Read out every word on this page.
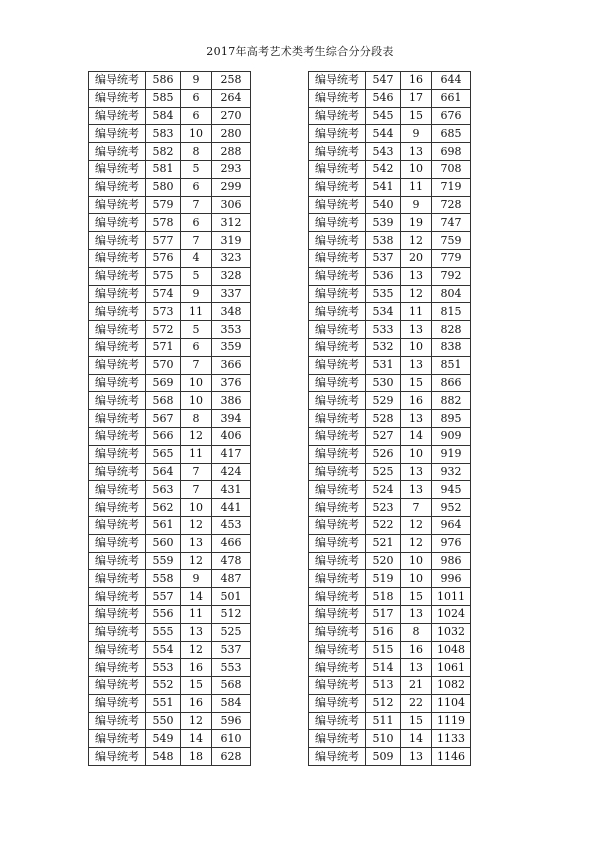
2017年高考艺术类考生综合分分段表
编导统考	586	9	258
编导统考	585	6	264
编导统考	584	6	270
编导统考	583	10	280
编导统考	582	8	288
编导统考	581	5	293
编导统考	580	6	299
编导统考	579	7	306
编导统考	578	6	312
编导统考	577	7	319
编导统考	576	4	323
编导统考	575	5	328
编导统考	574	9	337
编导统考	573	11	348
编导统考	572	5	353
编导统考	571	6	359
编导统考	570	7	366
编导统考	569	10	376
编导统考	568	10	386
编导统考	567	8	394
编导统考	566	12	406
编导统考	565	11	417
编导统考	564	7	424
编导统考	563	7	431
编导统考	562	10	441
编导统考	561	12	453
编导统考	560	13	466
编导统考	559	12	478
编导统考	558	9	487
编导统考	557	14	501
编导统考	556	11	512
编导统考	555	13	525
编导统考	554	12	537
编导统考	553	16	553
编导统考	552	15	568
编导统考	551	16	584
编导统考	550	12	596
编导统考	549	14	610
编导统考	548	18	628
编导统考	547	16	644
编导统考	546	17	661
编导统考	545	15	676
编导统考	544	9	685
编导统考	543	13	698
编导统考	542	10	708
编导统考	541	11	719
编导统考	540	9	728
编导统考	539	19	747
编导统考	538	12	759
编导统考	537	20	779
编导统考	536	13	792
编导统考	535	12	804
编导统考	534	11	815
编导统考	533	13	828
编导统考	532	10	838
编导统考	531	13	851
编导统考	530	15	866
编导统考	529	16	882
编导统考	528	13	895
编导统考	527	14	909
编导统考	526	10	919
编导统考	525	13	932
编导统考	524	13	945
编导统考	523	7	952
编导统考	522	12	964
编导统考	521	12	976
编导统考	520	10	986
编导统考	519	10	996
编导统考	518	15	1011
编导统考	517	13	1024
编导统考	516	8	1032
编导统考	515	16	1048
编导统考	514	13	1061
编导统考	513	21	1082
编导统考	512	22	1104
编导统考	511	15	1119
编导统考	510	14	1133
编导统考	509	13	1146
